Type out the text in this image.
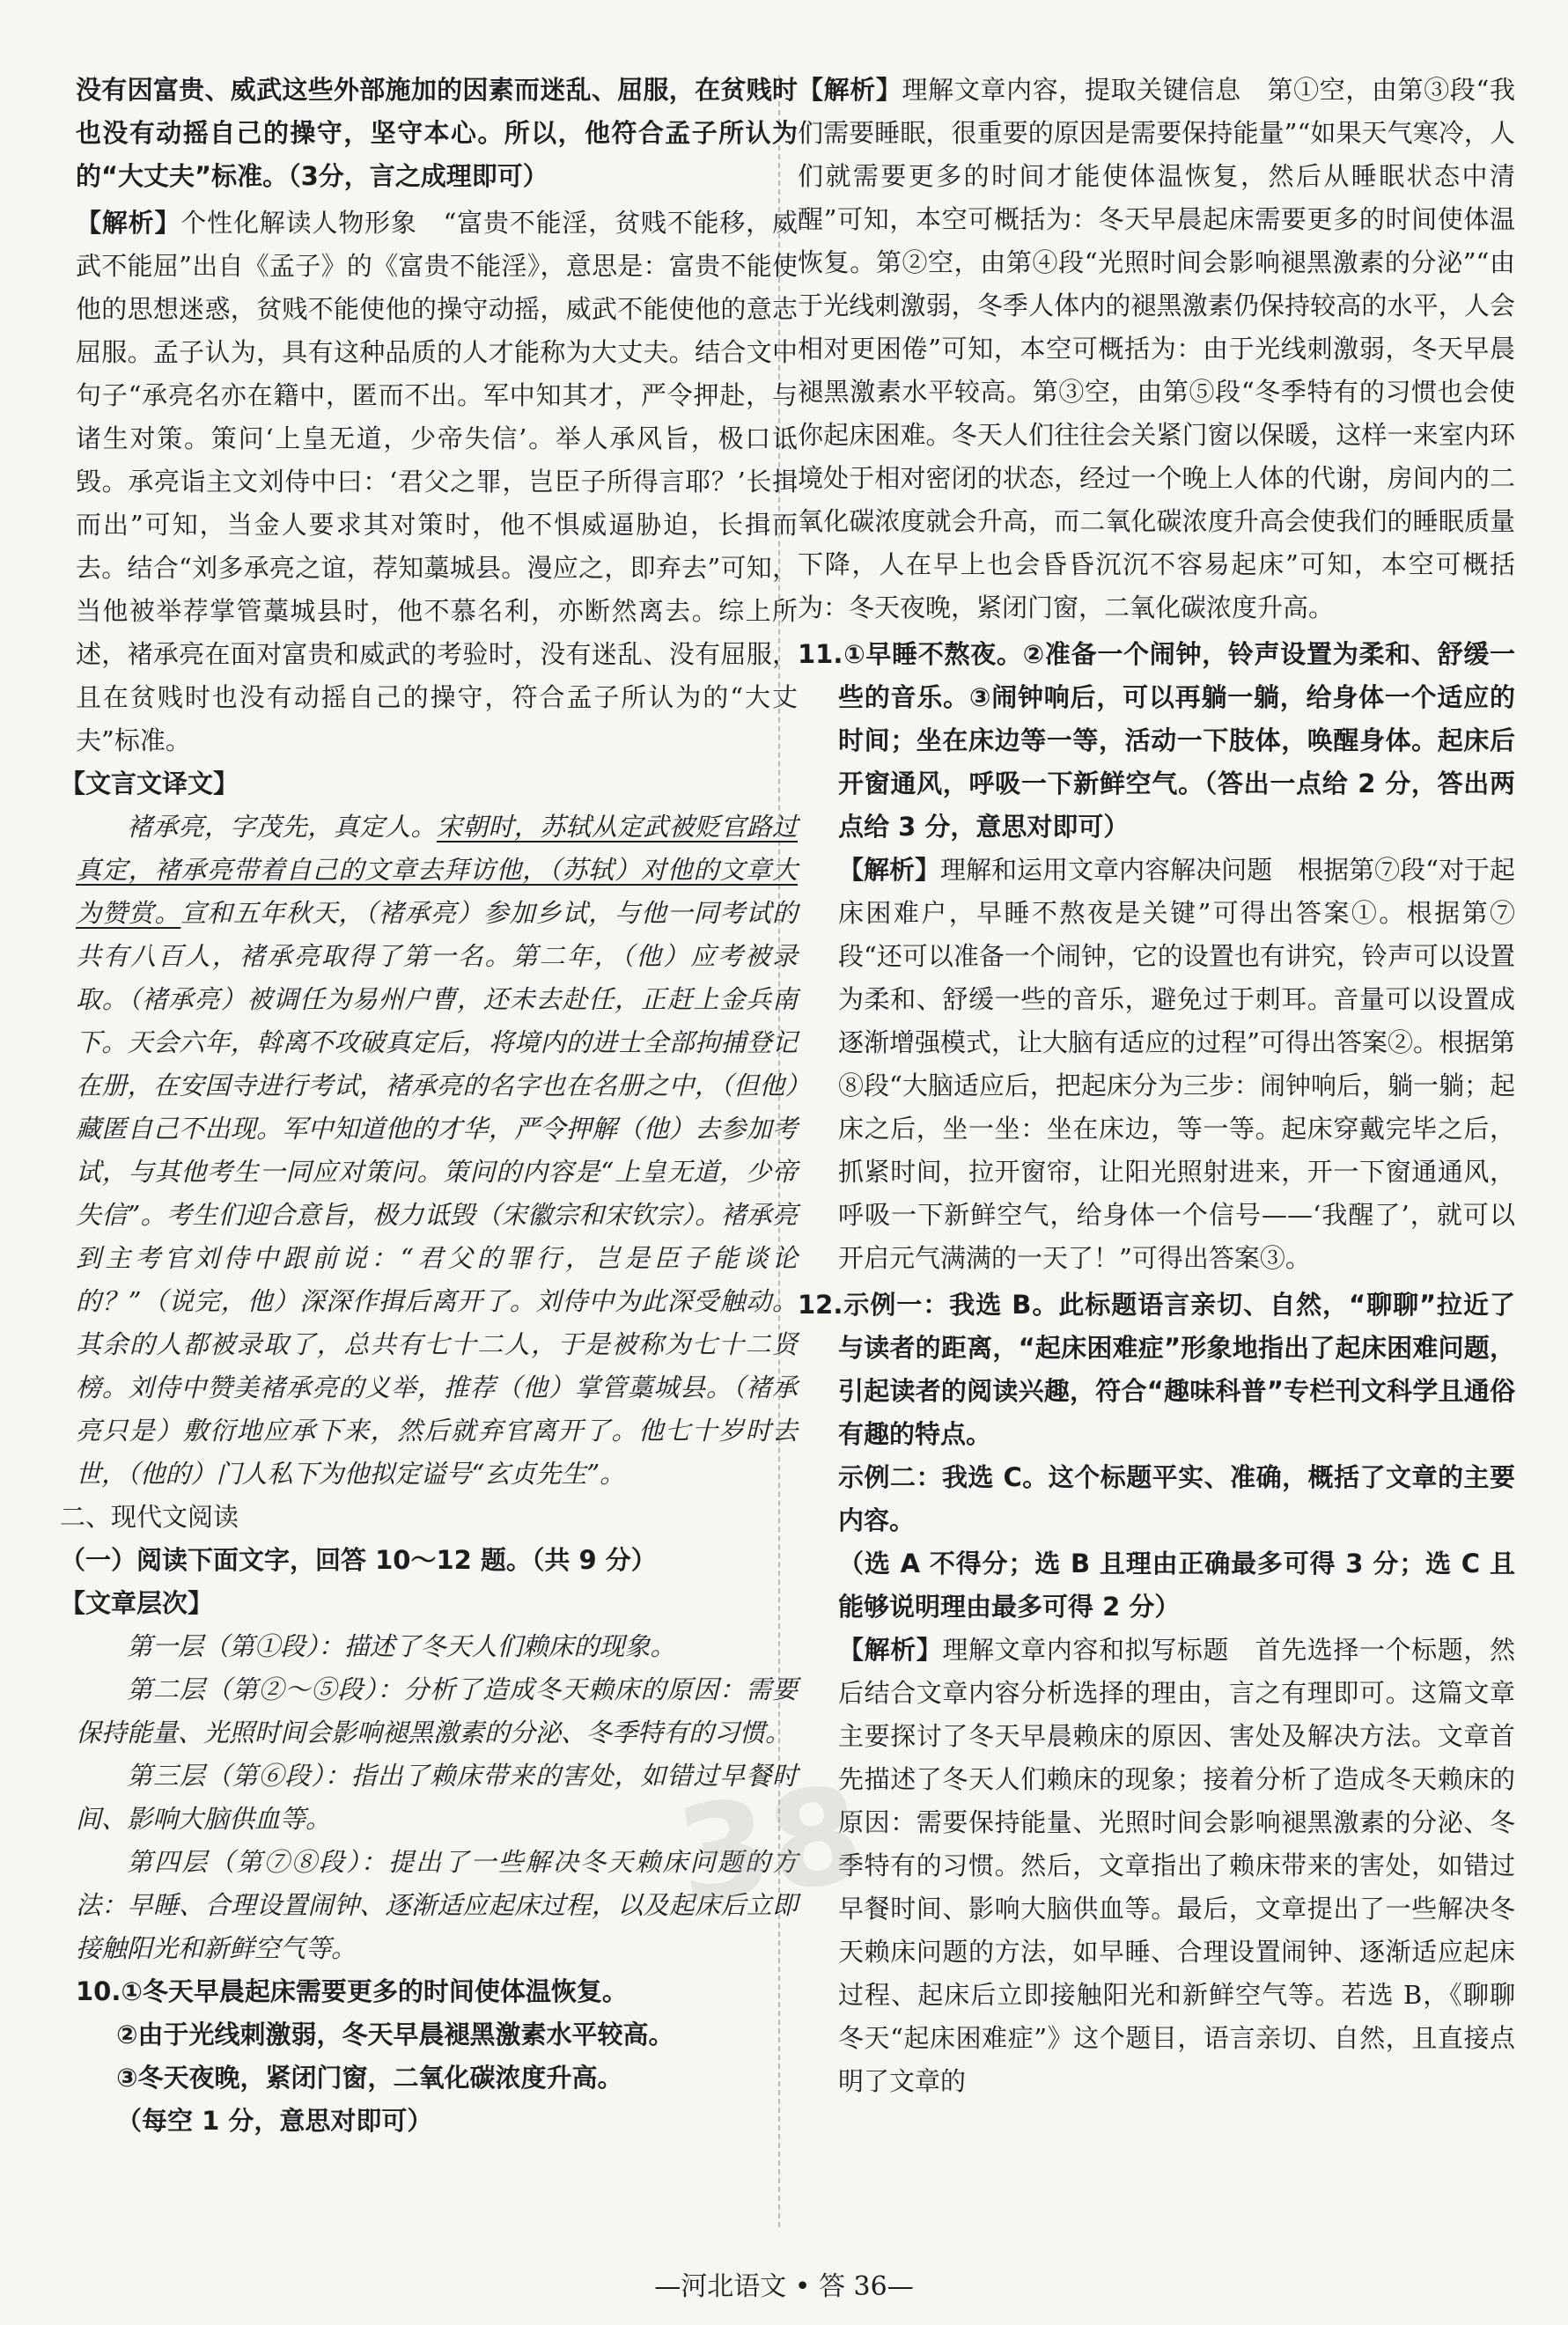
没有因富贵、威武这些外部施加的因素而迷乱、屈服，在贫贱时也没有动摇自己的操守，坚守本心。所以，他符合孟子所认为的“大丈夫”标准。（3分，言之成理即可）

【解析】个性化解读人物形象　“富贵不能淫，贫贱不能移，威武不能屈”出自《孟子》的《富贵不能淫》，意思是：富贵不能使他的思想迷惑，贫贱不能使他的操守动摇，威武不能使他的意志屈服。孟子认为，具有这种品质的人才能称为大丈夫。结合文中句子“承亮名亦在籍中，匿而不出。军中知其才，严令押赴，与诸生对策。策问‘上皇无道，少帝失信’。举人承风旨，极口诋毁。承亮诣主文刘侍中曰：‘君父之罪，岂臣子所得言耶？’长揖而出”可知，当金人要求其对策时，他不惧威逼胁迫，长揖而去。结合“刘多承亮之谊，荐知藁城县。漫应之，即弃去”可知，当他被举荐掌管藁城县时，他不慕名利，亦断然离去。综上所述，褚承亮在面对富贵和威武的考验时，没有迷乱、没有屈服，且在贫贱时也没有动摇自己的操守，符合孟子所认为的“大丈夫”标准。

【文言文译文】

褚承亮，字茂先，真定人。宋朝时，苏轼从定武被贬官路过真定，褚承亮带着自己的文章去拜访他，（苏轼）对他的文章大为赞赏。宣和五年秋天，（褚承亮）参加乡试，与他一同考试的共有八百人，褚承亮取得了第一名。第二年，（他）应考被录取。（褚承亮）被调任为易州户曹，还未去赴任，正赶上金兵南下。天会六年，斡离不攻破真定后，将境内的进士全部拘捕登记在册，在安国寺进行考试，褚承亮的名字也在名册之中，（但他）藏匿自己不出现。军中知道他的才华，严令押解（他）去参加考试，与其他考生一同应对策问。策问的内容是“上皇无道，少帝失信”。考生们迎合意旨，极力诋毁（宋徽宗和宋钦宗）。褚承亮到主考官刘侍中跟前说：“君父的罪行，岂是臣子能谈论的？”（说完，他）深深作揖后离开了。刘侍中为此深受触动。其余的人都被录取了，总共有七十二人，于是被称为七十二贤榜。刘侍中赞美褚承亮的义举，推荐（他）掌管藁城县。（褚承亮只是）敷衍地应承下来，然后就弃官离开了。他七十岁时去世，（他的）门人私下为他拟定谥号“玄贞先生”。

二、现代文阅读

（一）阅读下面文字，回答 10～12 题。（共 9 分）

【文章层次】

第一层（第①段）：描述了冬天人们赖床的现象。

第二层（第②～⑤段）：分析了造成冬天赖床的原因：需要保持能量、光照时间会影响褪黑激素的分泌、冬季特有的习惯。

第三层（第⑥段）：指出了赖床带来的害处，如错过早餐时间、影响大脑供血等。

第四层（第⑦⑧段）：提出了一些解决冬天赖床问题的方法：早睡、合理设置闹钟、逐渐适应起床过程，以及起床后立即接触阳光和新鲜空气等。

10.①冬天早晨起床需要更多的时间使体温恢复。

②由于光线刺激弱，冬天早晨褪黑激素水平较高。

③冬天夜晚，紧闭门窗，二氧化碳浓度升高。

（每空 1 分，意思对即可）

【解析】理解文章内容，提取关键信息　第①空，由第③段“我们需要睡眠，很重要的原因是需要保持能量”“如果天气寒冷，人们就需要更多的时间才能使体温恢复，然后从睡眠状态中清醒”可知，本空可概括为：冬天早晨起床需要更多的时间使体温恢复。第②空，由第④段“光照时间会影响褪黑激素的分泌”“由于光线刺激弱，冬季人体内的褪黑激素仍保持较高的水平，人会相对更困倦”可知，本空可概括为：由于光线刺激弱，冬天早晨褪黑激素水平较高。第③空，由第⑤段“冬季特有的习惯也会使你起床困难。冬天人们往往会关紧门窗以保暖，这样一来室内环境处于相对密闭的状态，经过一个晚上人体的代谢，房间内的二氧化碳浓度就会升高，而二氧化碳浓度升高会使我们的睡眠质量下降，人在早上也会昏昏沉沉不容易起床”可知，本空可概括为：冬天夜晚，紧闭门窗，二氧化碳浓度升高。

11.①早睡不熬夜。②准备一个闹钟，铃声设置为柔和、舒缓一些的音乐。③闹钟响后，可以再躺一躺，给身体一个适应的时间；坐在床边等一等，活动一下肢体，唤醒身体。起床后开窗通风，呼吸一下新鲜空气。（答出一点给 2 分，答出两点给 3 分，意思对即可）

【解析】理解和运用文章内容解决问题　根据第⑦段“对于起床困难户，早睡不熬夜是关键”可得出答案①。根据第⑦段“还可以准备一个闹钟，它的设置也有讲究，铃声可以设置为柔和、舒缓一些的音乐，避免过于刺耳。音量可以设置成逐渐增强模式，让大脑有适应的过程”可得出答案②。根据第⑧段“大脑适应后，把起床分为三步：闹钟响后，躺一躺；起床之后，坐一坐：坐在床边，等一等。起床穿戴完毕之后，抓紧时间，拉开窗帘，让阳光照射进来，开一下窗通通风，呼吸一下新鲜空气，给身体一个信号——‘我醒了’，就可以开启元气满满的一天了！”可得出答案③。

12.示例一：我选 B。此标题语言亲切、自然，“聊聊”拉近了与读者的距离，“起床困难症”形象地指出了起床困难问题，引起读者的阅读兴趣，符合“趣味科普”专栏刊文科学且通俗有趣的特点。

示例二：我选 C。这个标题平实、准确，概括了文章的主要内容。

（选 A 不得分；选 B 且理由正确最多可得 3 分；选 C 且能够说明理由最多可得 2 分）

【解析】理解文章内容和拟写标题　首先选择一个标题，然后结合文章内容分析选择的理由，言之有理即可。这篇文章主要探讨了冬天早晨赖床的原因、害处及解决方法。文章首先描述了冬天人们赖床的现象；接着分析了造成冬天赖床的原因：需要保持能量、光照时间会影响褪黑激素的分泌、冬季特有的习惯。然后，文章指出了赖床带来的害处，如错过早餐时间、影响大脑供血等。最后，文章提出了一些解决冬天赖床问题的方法，如早睡、合理设置闹钟、逐渐适应起床过程、起床后立即接触阳光和新鲜空气等。若选 B，《聊聊冬天“起床困难症”》这个题目，语言亲切、自然，且直接点明了文章的

38
—河北语文 • 答 36—
